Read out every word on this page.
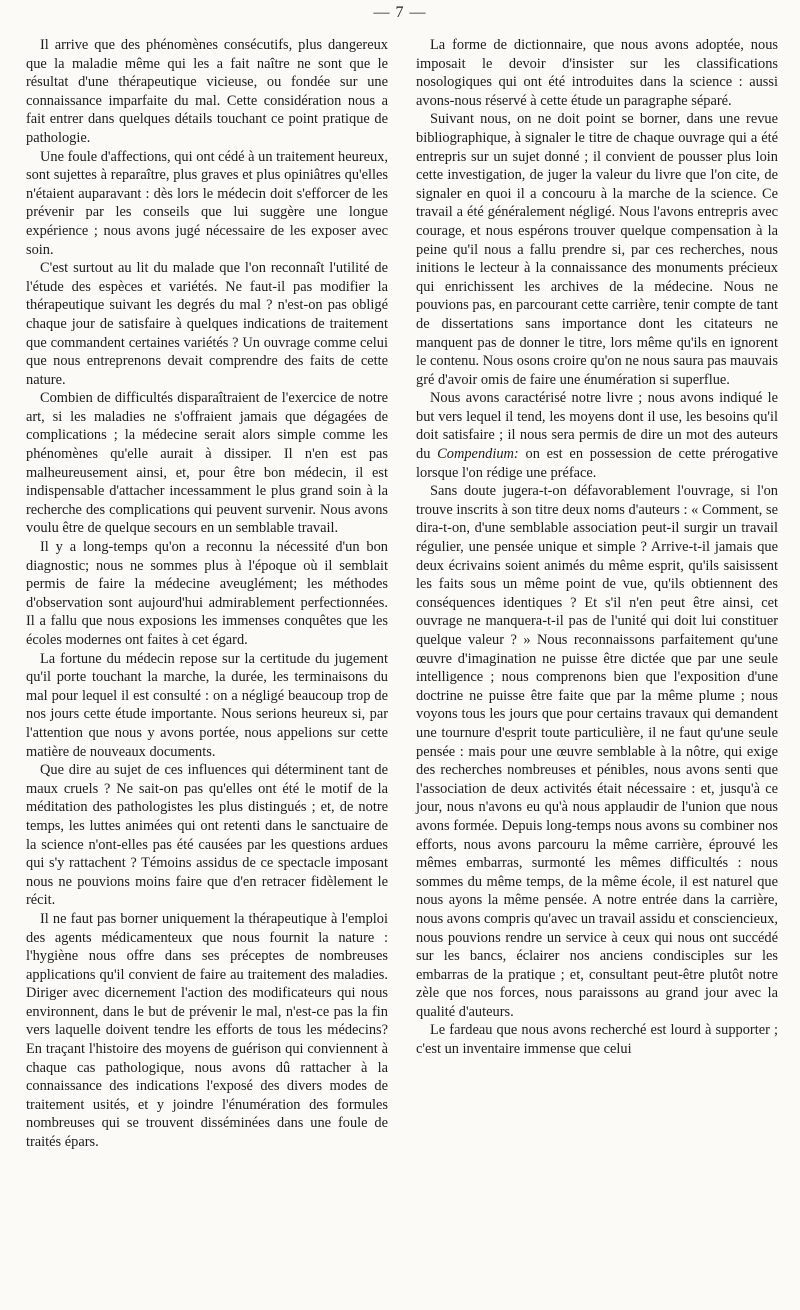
— 7 —

Il arrive que des phénomènes consécutifs, plus dangereux que la maladie même qui les a fait naître ne sont que le résultat d'une thérapeutique vicieuse, ou fondée sur une connaissance imparfaite du mal. Cette considération nous a fait entrer dans quelques détails touchant ce point pratique de pathologie.

Une foule d'affections, qui ont cédé à un traitement heureux, sont sujettes à reparaître, plus graves et plus opiniâtres qu'elles n'étaient auparavant : dès lors le médecin doit s'efforcer de les prévenir par les conseils que lui suggère une longue expérience ; nous avons jugé nécessaire de les exposer avec soin.

C'est surtout au lit du malade que l'on reconnaît l'utilité de l'étude des espèces et variétés. Ne faut-il pas modifier la thérapeutique suivant les degrés du mal ? n'est-on pas obligé chaque jour de satisfaire à quelques indications de traitement que commandent certaines variétés ? Un ouvrage comme celui que nous entreprenons devait comprendre des faits de cette nature.

Combien de difficultés disparaîtraient de l'exercice de notre art, si les maladies ne s'offraient jamais que dégagées de complications ; la médecine serait alors simple comme les phénomènes qu'elle aurait à dissiper. Il n'en est pas malheureusement ainsi, et, pour être bon médecin, il est indispensable d'attacher incessamment le plus grand soin à la recherche des complications qui peuvent survenir. Nous avons voulu être de quelque secours en un semblable travail.

Il y a long-temps qu'on a reconnu la nécessité d'un bon diagnostic; nous ne sommes plus à l'époque où il semblait permis de faire la médecine aveuglément; les méthodes d'observation sont aujourd'hui admirablement perfectionnées. Il a fallu que nous exposions les immenses conquêtes que les écoles modernes ont faites à cet égard.

La fortune du médecin repose sur la certitude du jugement qu'il porte touchant la marche, la durée, les terminaisons du mal pour lequel il est consulté : on a négligé beaucoup trop de nos jours cette étude importante. Nous serions heureux si, par l'attention que nous y avons portée, nous appelions sur cette matière de nouveaux documents.

Que dire au sujet de ces influences qui déterminent tant de maux cruels ? Ne sait-on pas qu'elles ont été le motif de la méditation des pathologistes les plus distingués ; et, de notre temps, les luttes animées qui ont retenti dans le sanctuaire de la science n'ont-elles pas été causées par les questions ardues qui s'y rattachent ? Témoins assidus de ce spectacle imposant nous ne pouvions moins faire que d'en retracer fidèlement le récit.

Il ne faut pas borner uniquement la thérapeutique à l'emploi des agents médicamenteux que nous fournit la nature : l'hygiène nous offre dans ses préceptes de nombreuses applications qu'il convient de faire au traitement des maladies. Diriger avec dicernement l'action des modificateurs qui nous environnent, dans le but de prévenir le mal, n'est-ce pas la fin vers laquelle doivent tendre les efforts de tous les médecins? En traçant l'histoire des moyens de guérison qui conviennent à chaque cas pathologique, nous avons dû rattacher à la connaissance des indications l'exposé des divers modes de traitement usités, et y joindre l'énumération des formules nombreuses qui se trouvent disséminées dans une foule de traités épars.

La forme de dictionnaire, que nous avons adoptée, nous imposait le devoir d'insister sur les classifications nosologiques qui ont été introduites dans la science : aussi avons-nous réservé à cette étude un paragraphe séparé.

Suivant nous, on ne doit point se borner, dans une revue bibliographique, à signaler le titre de chaque ouvrage qui a été entrepris sur un sujet donné ; il convient de pousser plus loin cette investigation, de juger la valeur du livre que l'on cite, de signaler en quoi il a concouru à la marche de la science. Ce travail a été généralement négligé. Nous l'avons entrepris avec courage, et nous espérons trouver quelque compensation à la peine qu'il nous a fallu prendre si, par ces recherches, nous initions le lecteur à la connaissance des monuments précieux qui enrichissent les archives de la médecine. Nous ne pouvions pas, en parcourant cette carrière, tenir compte de tant de dissertations sans importance dont les citateurs ne manquent pas de donner le titre, lors même qu'ils en ignorent le contenu. Nous osons croire qu'on ne nous saura pas mauvais gré d'avoir omis de faire une énumération si superflue.

Nous avons caractérisé notre livre ; nous avons indiqué le but vers lequel il tend, les moyens dont il use, les besoins qu'il doit satisfaire ; il nous sera permis de dire un mot des auteurs du Compendium: on est en possession de cette prérogative lorsque l'on rédige une préface.

Sans doute jugera-t-on défavorablement l'ouvrage, si l'on trouve inscrits à son titre deux noms d'auteurs : « Comment, se dira-t-on, d'une semblable association peut-il surgir un travail régulier, une pensée unique et simple ? Arrive-t-il jamais que deux écrivains soient animés du même esprit, qu'ils saisissent les faits sous un même point de vue, qu'ils obtiennent des conséquences identiques ? Et s'il n'en peut être ainsi, cet ouvrage ne manquera-t-il pas de l'unité qui doit lui constituer quelque valeur ? » Nous reconnaissons parfaitement qu'une œuvre d'imagination ne puisse être dictée que par une seule intelligence ; nous comprenons bien que l'exposition d'une doctrine ne puisse être faite que par la même plume ; nous voyons tous les jours que pour certains travaux qui demandent une tournure d'esprit toute particulière, il ne faut qu'une seule pensée : mais pour une œuvre semblable à la nôtre, qui exige des recherches nombreuses et pénibles, nous avons senti que l'association de deux activités était nécessaire : et, jusqu'à ce jour, nous n'avons eu qu'à nous applaudir de l'union que nous avons formée. Depuis long-temps nous avons su combiner nos efforts, nous avons parcouru la même carrière, éprouvé les mêmes embarras, surmonté les mêmes difficultés : nous sommes du même temps, de la même école, il est naturel que nous ayons la même pensée. A notre entrée dans la carrière, nous avons compris qu'avec un travail assidu et consciencieux, nous pouvions rendre un service à ceux qui nous ont succédé sur les bancs, éclairer nos anciens condisciples sur les embarras de la pratique ; et, consultant peut-être plutôt notre zèle que nos forces, nous paraissons au grand jour avec la qualité d'auteurs.

Le fardeau que nous avons recherché est lourd à supporter ; c'est un inventaire immense que celui
